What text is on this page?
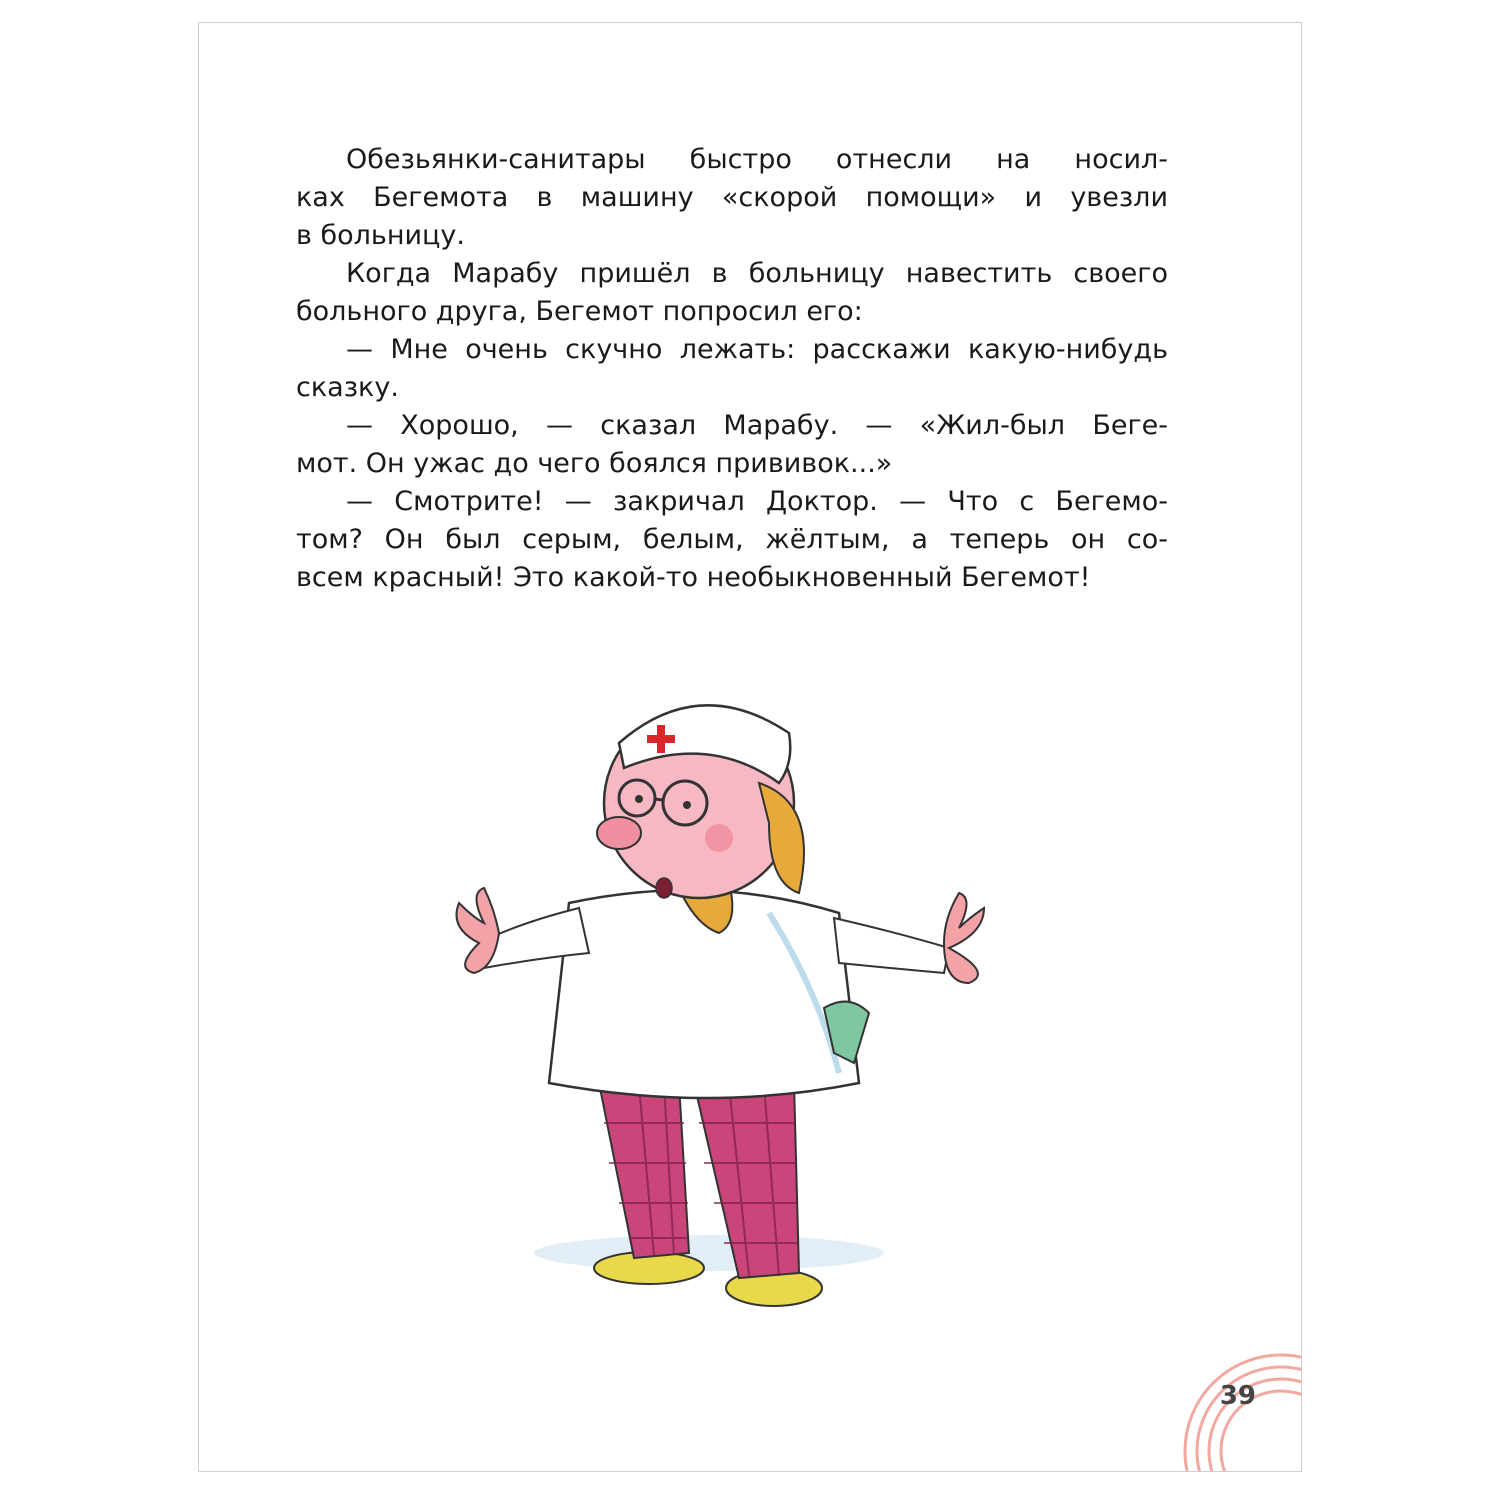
Обезьянки-санитары быстро отнесли на носил-
ках Бегемота в машину «скорой помощи» и увезли
в больницу.

Когда Марабу пришёл в больницу навестить своего
больного друга, Бегемот попросил его:

— Мне очень скучно лежать: расскажи какую-нибудь
сказку.

— Хорошо, — сказал Марабу. — «Жил-был Беге-
мот. Он ужас до чего боялся прививок...»

— Смотрите! — закричал Доктор. — Что с Бегемо-
том? Он был серым, белым, жёлтым, а теперь он со-
всем красный! Это какой-то необыкновенный Бегемот!

39
